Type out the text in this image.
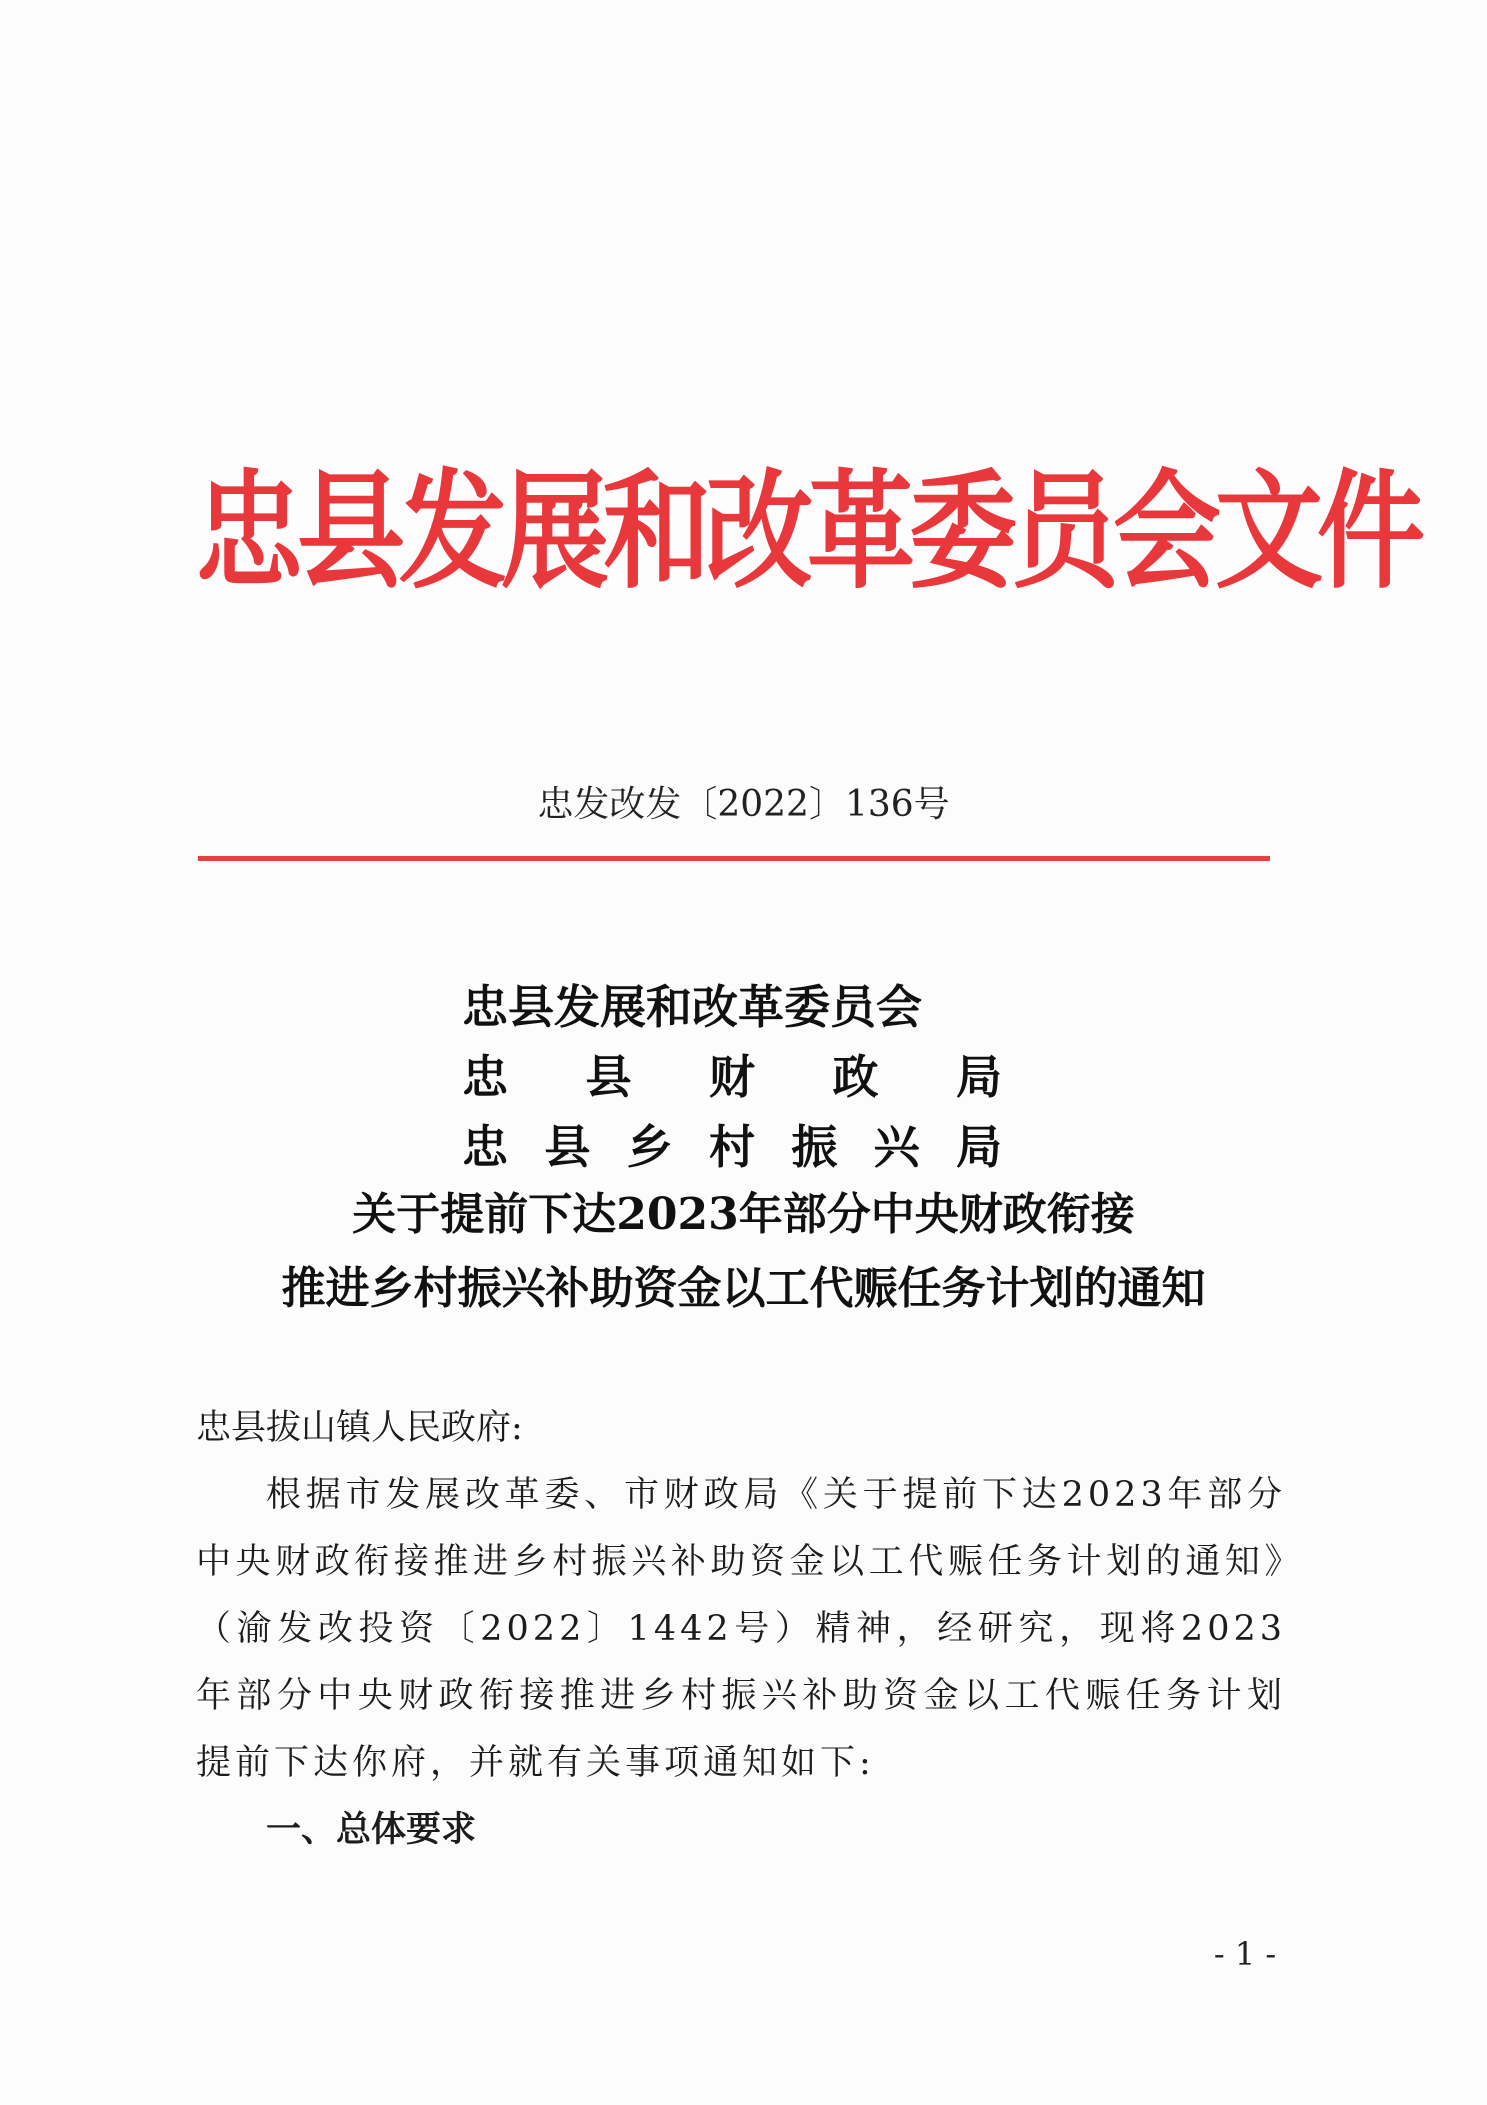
忠县发展和改革委员会文件
忠发改发〔2022〕136号
忠县发展和改革委员会
忠 县 财 政 局
忠 县 乡 村 振 兴 局
关于提前下达2023年部分中央财政衔接
推进乡村振兴补助资金以工代赈任务计划的通知

忠县拔山镇人民政府:

根据市发展改革委、市财政局《关于提前下达2023年部分中央财政衔接推进乡村振兴补助资金以工代赈任务计划的通知》（渝发改投资〔2022〕1442号）精神，经研究，现将2023年部分中央财政衔接推进乡村振兴补助资金以工代赈任务计划提前下达你府，并就有关事项通知如下:

一、总体要求

- 1 -
